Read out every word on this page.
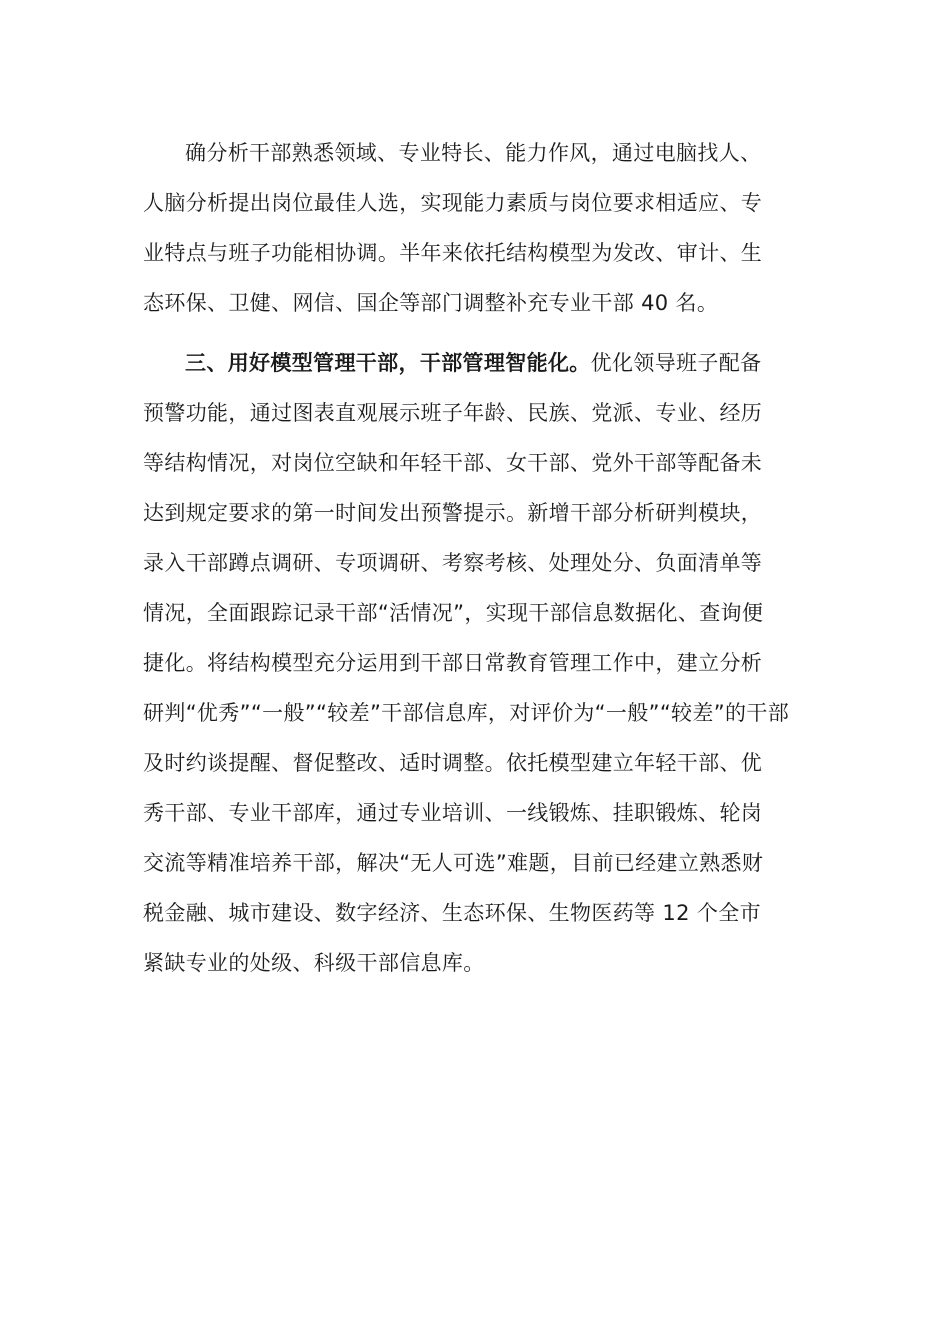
确分析干部熟悉领域、专业特长、能力作风，通过电脑找人、
人脑分析提出岗位最佳人选，实现能力素质与岗位要求相适应、专
业特点与班子功能相协调。半年来依托结构模型为发改、审计、生
态环保、卫健、网信、国企等部门调整补充专业干部 40 名。
三、用好模型管理干部，干部管理智能化。优化领导班子配备
预警功能，通过图表直观展示班子年龄、民族、党派、专业、经历
等结构情况，对岗位空缺和年轻干部、女干部、党外干部等配备未
达到规定要求的第一时间发出预警提示。新增干部分析研判模块，
录入干部蹲点调研、专项调研、考察考核、处理处分、负面清单等
情况，全面跟踪记录干部“活情况”，实现干部信息数据化、查询便
捷化。将结构模型充分运用到干部日常教育管理工作中，建立分析
研判“优秀”“一般”“较差”干部信息库，对评价为“一般”“较差”的干部
及时约谈提醒、督促整改、适时调整。依托模型建立年轻干部、优
秀干部、专业干部库，通过专业培训、一线锻炼、挂职锻炼、轮岗
交流等精准培养干部，解决“无人可选”难题，目前已经建立熟悉财
税金融、城市建设、数字经济、生态环保、生物医药等 12 个全市
紧缺专业的处级、科级干部信息库。
